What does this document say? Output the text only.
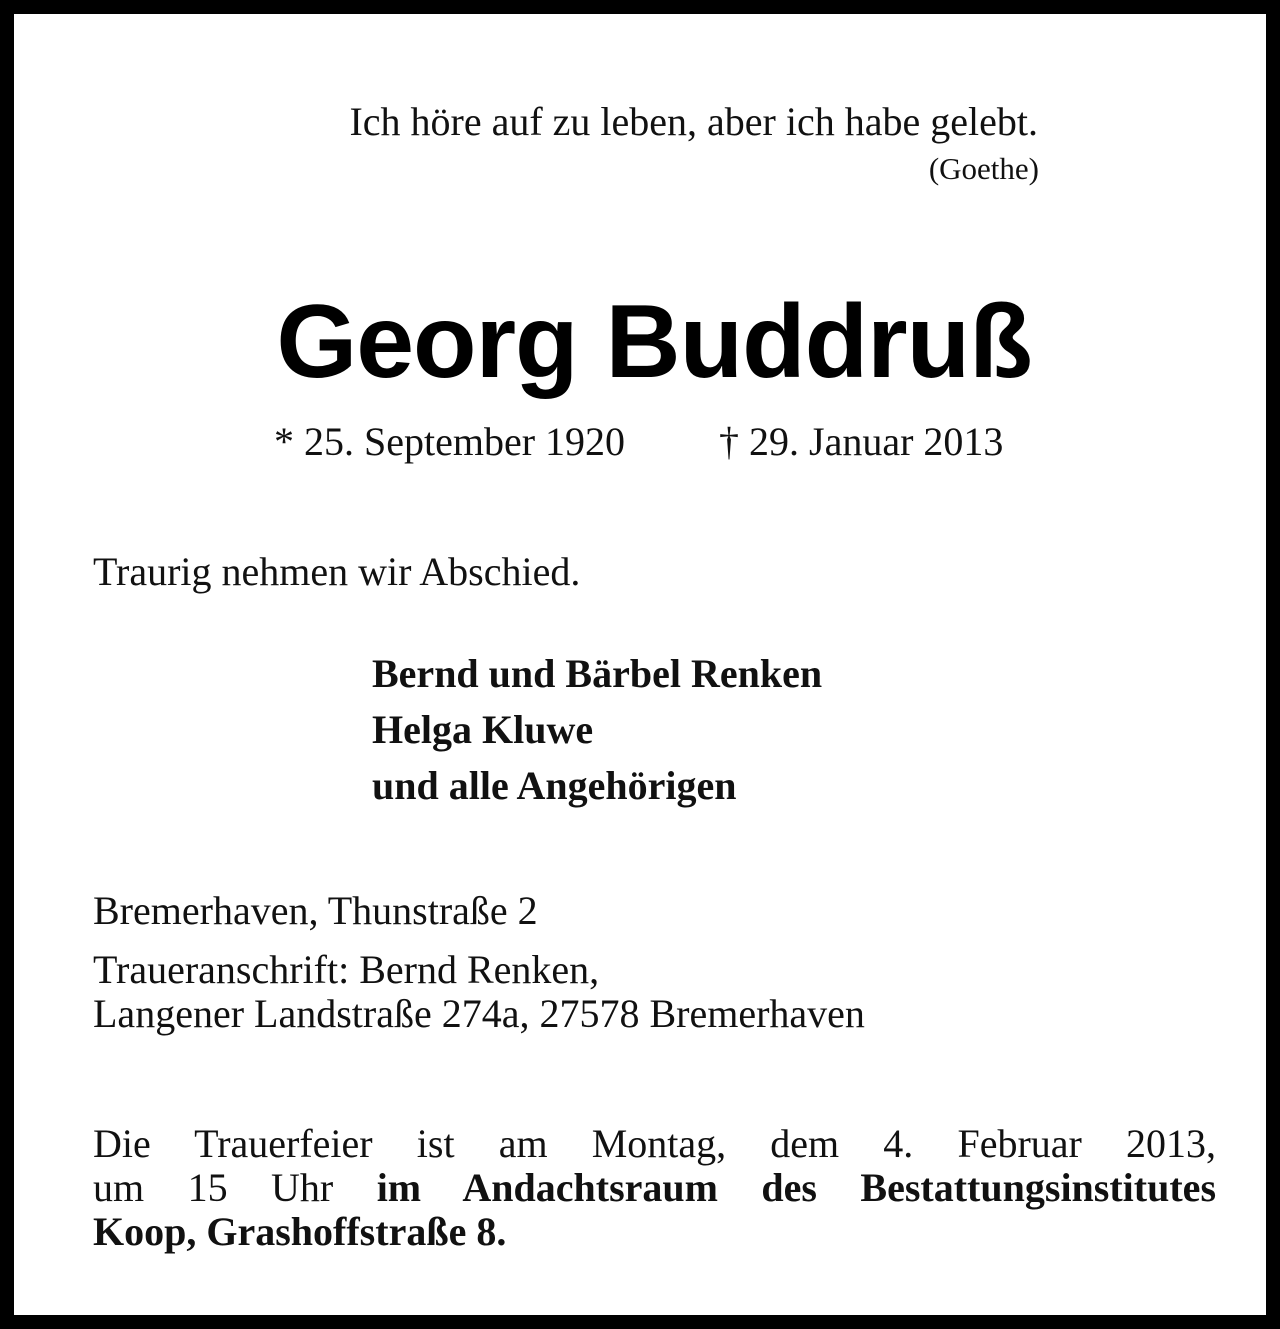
Ich höre auf zu leben, aber ich habe gelebt.
(Goethe)
Georg Buddruß
* 25. September 1920 † 29. Januar 2013
Traurig nehmen wir Abschied.
Bernd und Bärbel Renken
Helga Kluwe
und alle Angehörigen
Bremerhaven, Thunstraße 2
Traueranschrift: Bernd Renken,
Langener Landstraße 274a, 27578 Bremerhaven
Die Trauerfeier ist am Montag, dem 4. Februar 2013,
um 15 Uhr im Andachtsraum des Bestattungsinstitutes
Koop, Grashoffstraße 8.
